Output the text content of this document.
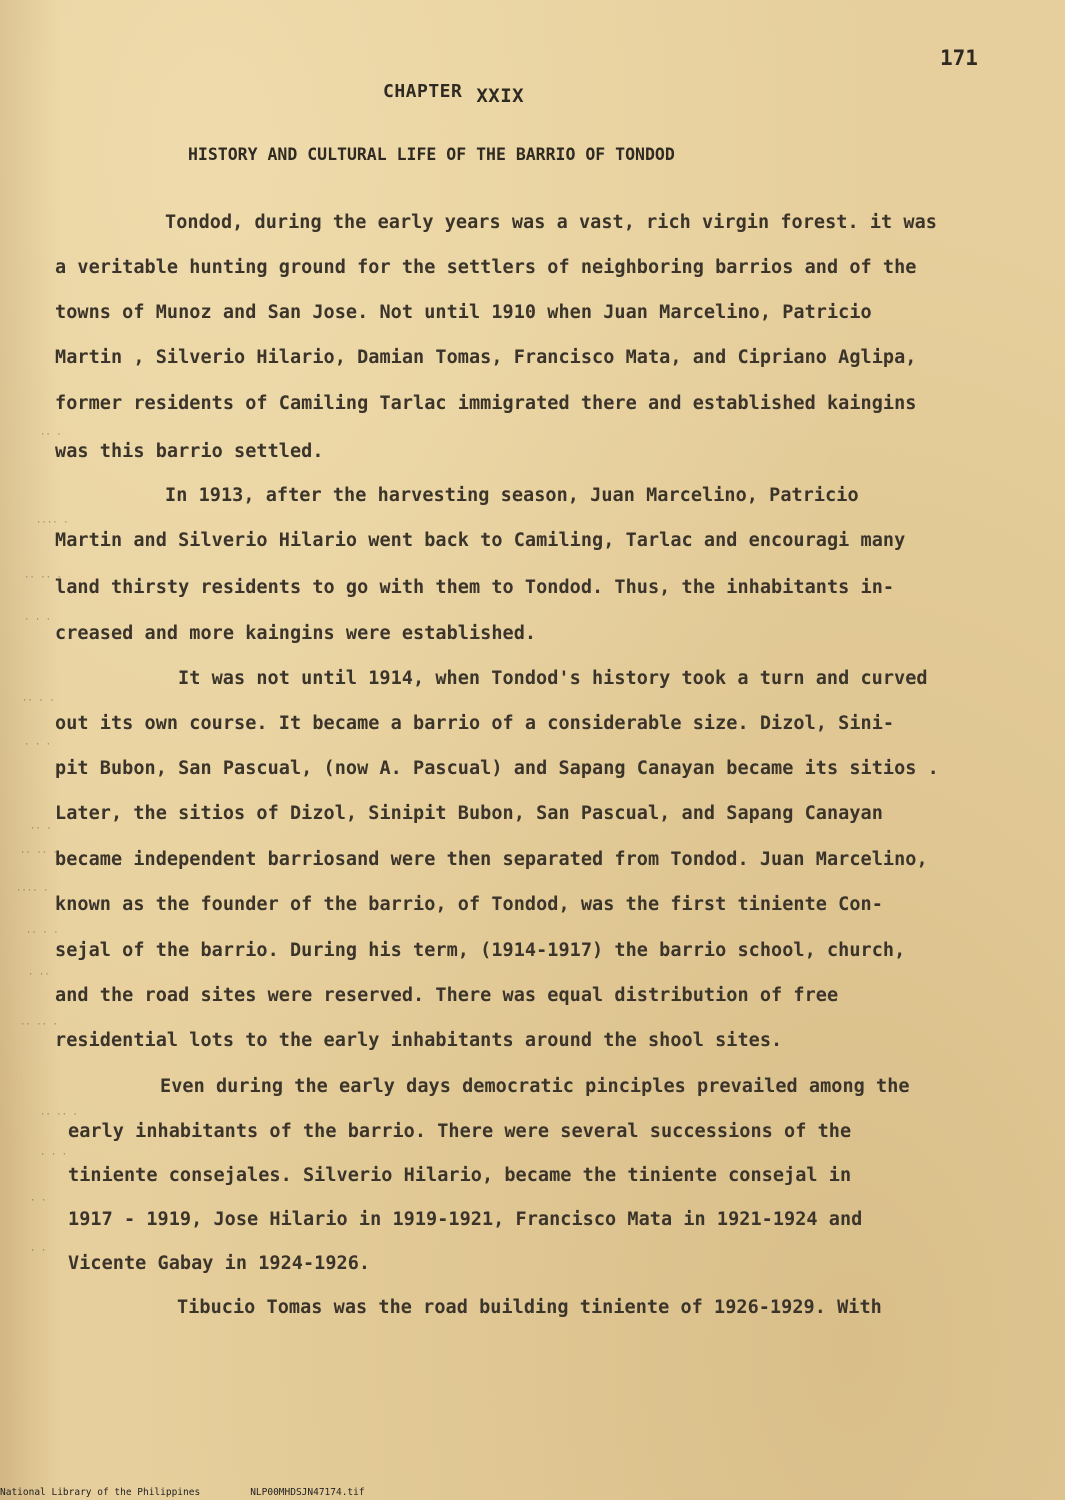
·· ·
···· ·
·· ·· ·
· · ·
·· · ·
· · ·
·· ·
·· ·· ·
···· ·
·· · ·
· ··
·· ·· ·
·· ·· ·
· · ·
· ·
· ·
171
CHAPTER XXIX
HISTORY AND CULTURAL LIFE OF THE BARRIO OF TONDOD
Tondod, during the early years was a vast, rich virgin forest. it was
a veritable hunting ground for the settlers of neighboring barrios and of the
towns of Munoz and San Jose. Not until 1910 when Juan Marcelino, Patricio
Martin , Silverio Hilario, Damian Tomas, Francisco Mata, and Cipriano Aglipa,
former residents of Camiling Tarlac immigrated there and established kaingins
was this barrio settled.
In 1913, after the harvesting season, Juan Marcelino, Patricio
Martin and Silverio Hilario went back to Camiling, Tarlac and encouragi many
land thirsty residents to go with them to Tondod. Thus, the inhabitants in-
creased and more kaingins were established.
It was not until 1914, when Tondod's history took a turn and curved
out its own course. It became a barrio of a considerable size. Dizol, Sini-
pit Bubon, San Pascual, (now A. Pascual) and Sapang Canayan became its sitios .
Later, the sitios of Dizol, Sinipit Bubon, San Pascual, and Sapang Canayan
became independent barriosand were then separated from Tondod. Juan Marcelino,
known as the founder of the barrio, of Tondod, was the first tiniente Con-
sejal of the barrio. During his term, (1914-1917) the barrio school, church,
and the road sites were reserved. There was equal distribution of free
residential lots to the early inhabitants around the shool sites.
Even during the early days democratic pinciples prevailed among the
early inhabitants of the barrio. There were several successions of the
tiniente consejales. Silverio Hilario, became the tiniente consejal in
1917 - 1919, Jose Hilario in 1919-1921, Francisco Mata in 1921-1924 and
Vicente Gabay in 1924-1926.
Tibucio Tomas was the road building tiniente of 1926-1929. With
National Library of the Philippines	NLP00MHDSJN47174.tif
